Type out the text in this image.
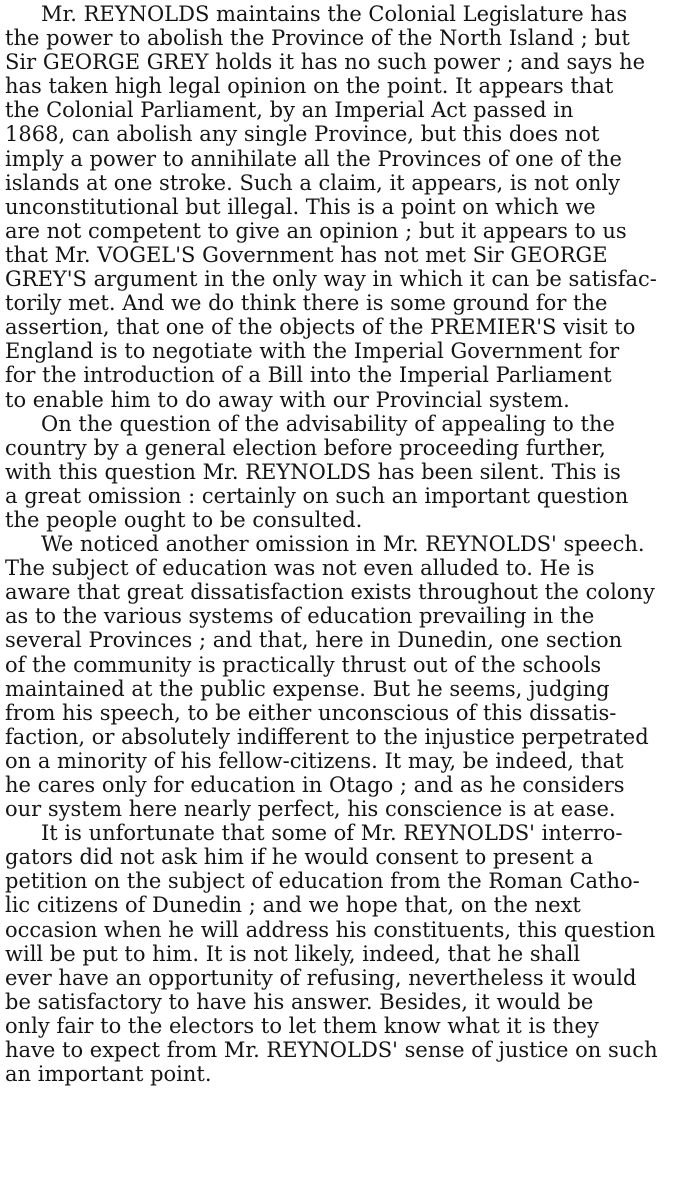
Mr. REYNOLDS maintains the Colonial Legislature has
the power to abolish the Province of the North Island ; but
Sir GEORGE GREY holds it has no such power ; and says he
has taken high legal opinion on the point. It appears that
the Colonial Parliament, by an Imperial Act passed in
1868, can abolish any single Province, but this does not
imply a power to annihilate all the Provinces of one of the
islands at one stroke. Such a claim, it appears, is not only
unconstitutional but illegal. This is a point on which we
are not competent to give an opinion ; but it appears to us
that Mr. VOGEL'S Government has not met Sir GEORGE
GREY'S argument in the only way in which it can be satisfac-
torily met. And we do think there is some ground for the
assertion, that one of the objects of the PREMIER'S visit to
England is to negotiate with the Imperial Government for
for the introduction of a Bill into the Imperial Parliament
to enable him to do away with our Provincial system.
On the question of the advisability of appealing to the
country by a general election before proceeding further,
with this question Mr. REYNOLDS has been silent. This is
a great omission : certainly on such an important question
the people ought to be consulted.
We noticed another omission in Mr. REYNOLDS' speech.
The subject of education was not even alluded to. He is
aware that great dissatisfaction exists throughout the colony
as to the various systems of education prevailing in the
several Provinces ; and that, here in Dunedin, one section
of the community is practically thrust out of the schools
maintained at the public expense. But he seems, judging
from his speech, to be either unconscious of this dissatis-
faction, or absolutely indifferent to the injustice perpetrated
on a minority of his fellow-citizens. It may, be indeed, that
he cares only for education in Otago ; and as he considers
our system here nearly perfect, his conscience is at ease.
It is unfortunate that some of Mr. REYNOLDS' interro-
gators did not ask him if he would consent to present a
petition on the subject of education from the Roman Catho-
lic citizens of Dunedin ; and we hope that, on the next
occasion when he will address his constituents, this question
will be put to him. It is not likely, indeed, that he shall
ever have an opportunity of refusing, nevertheless it would
be satisfactory to have his answer. Besides, it would be
only fair to the electors to let them know what it is they
have to expect from Mr. REYNOLDS' sense of justice on such
an important point.
